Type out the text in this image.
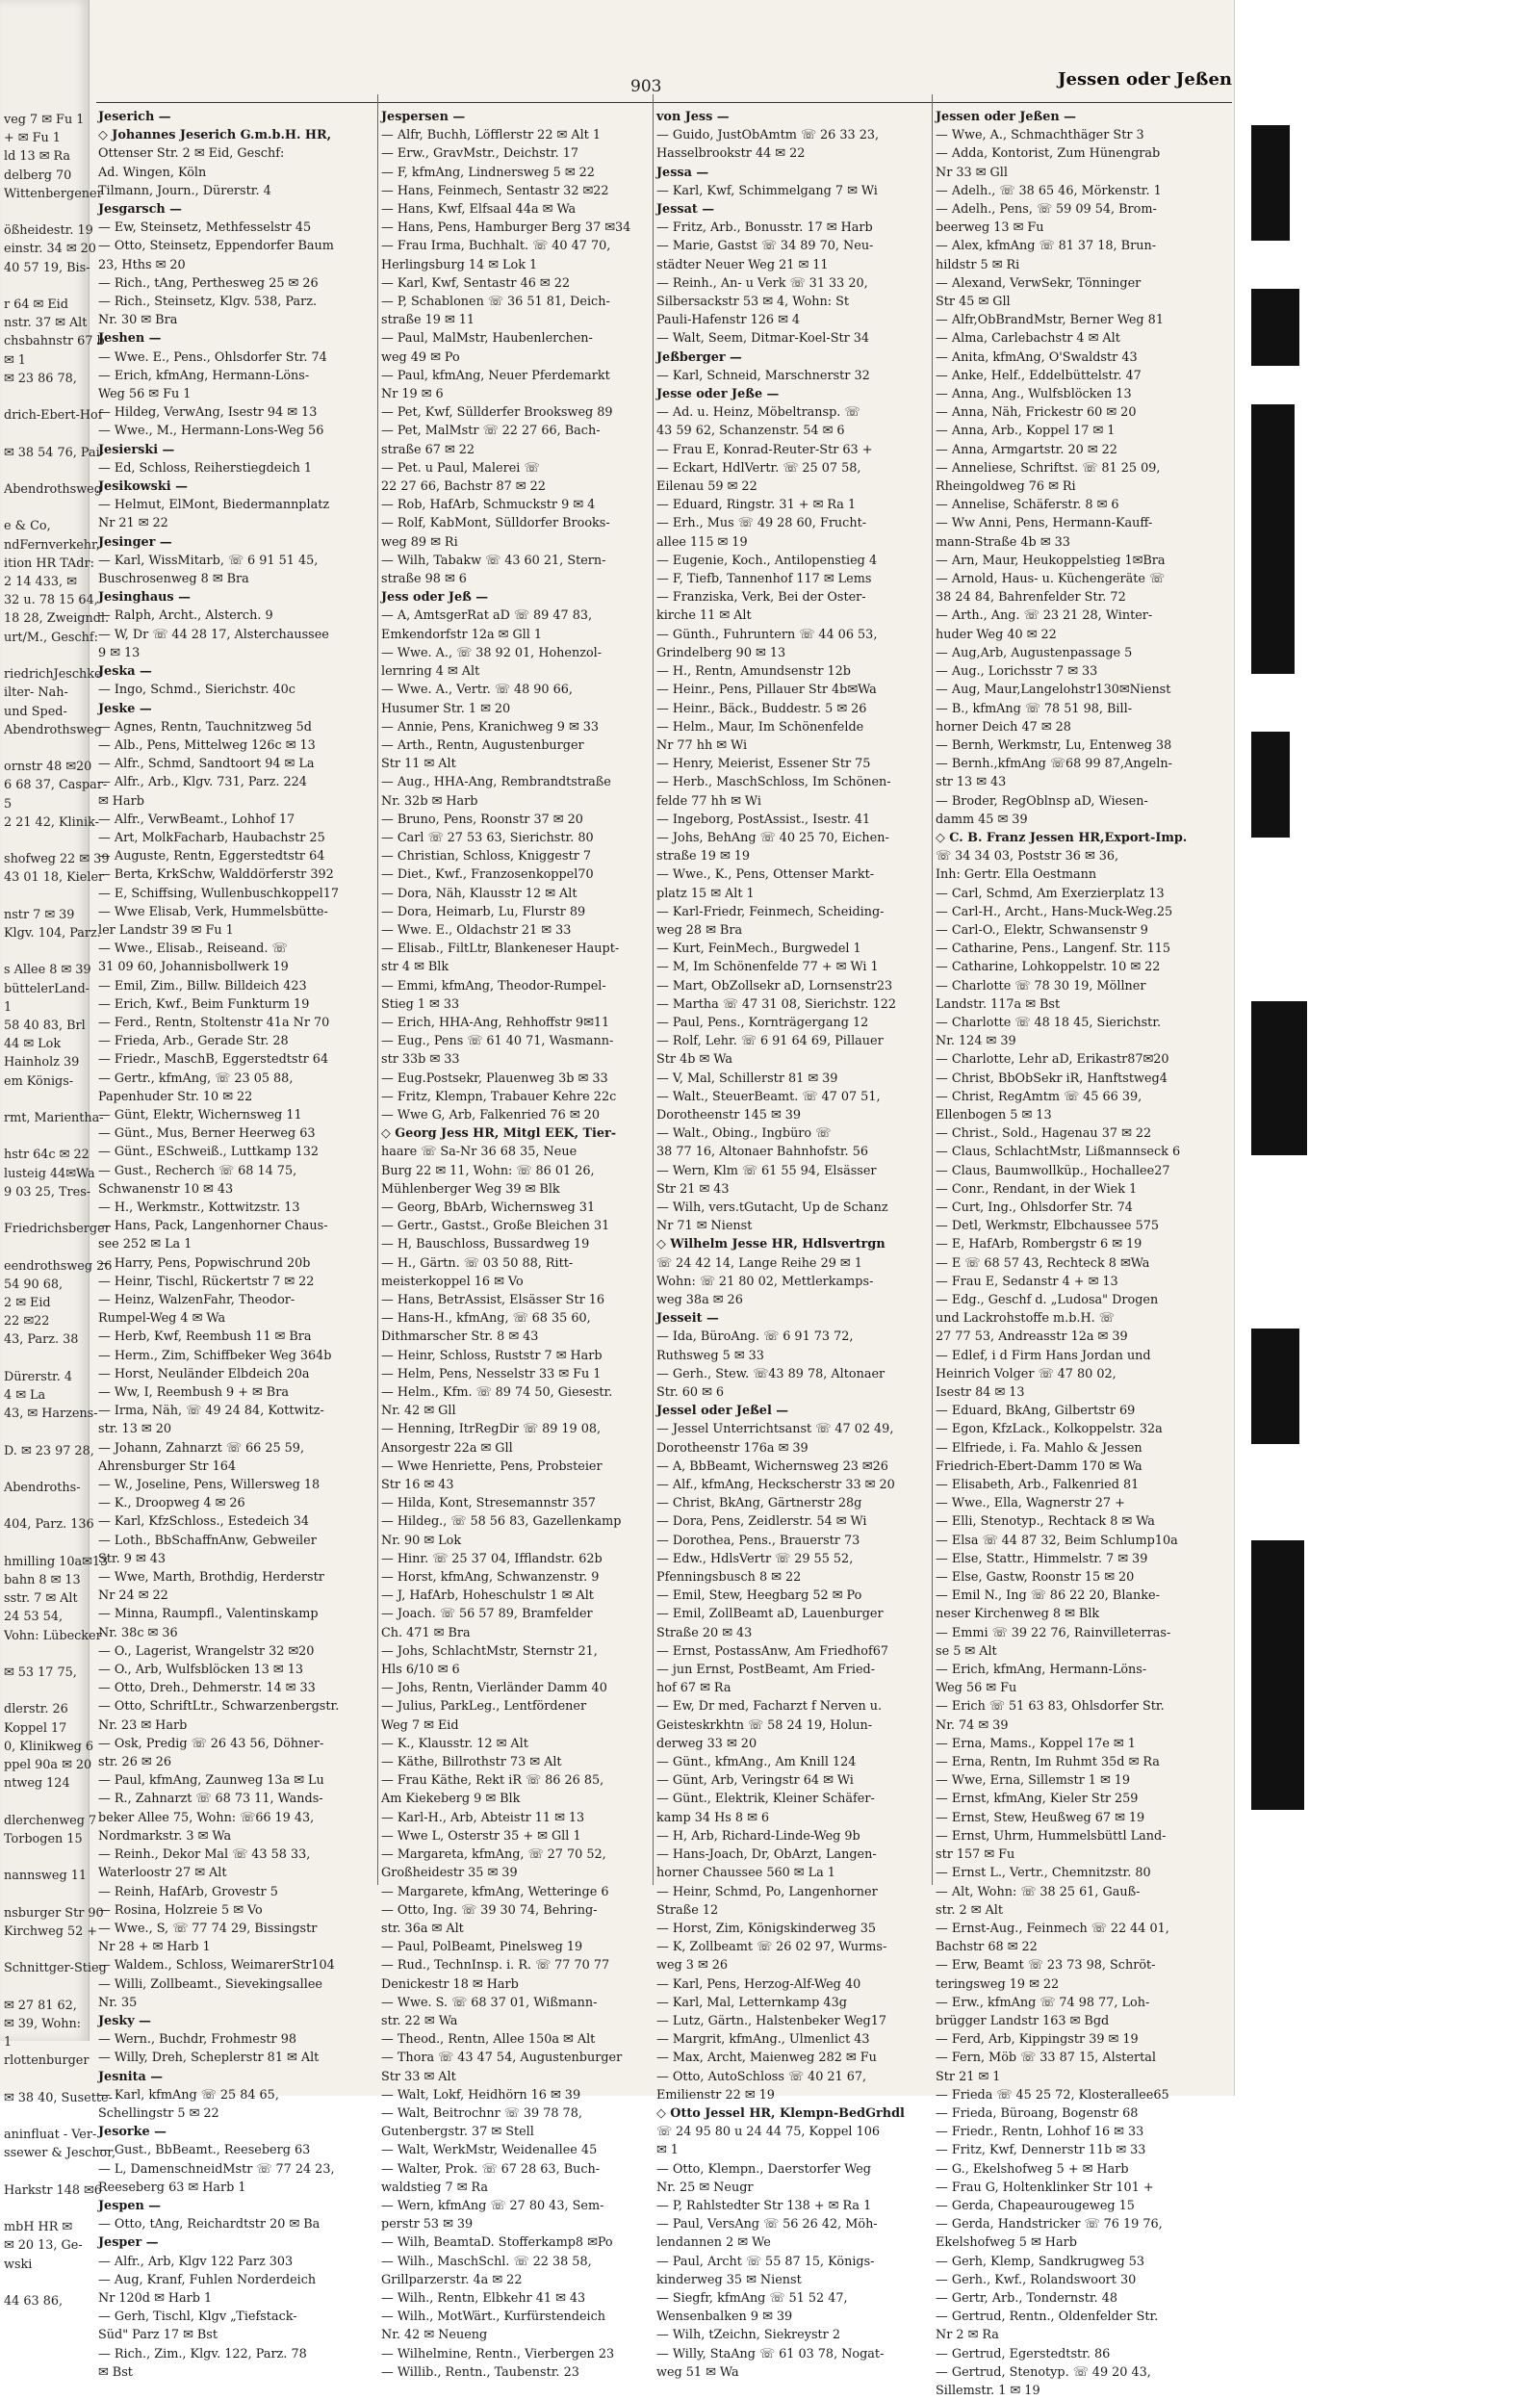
veg 7 ✉ Fu 1
+ ✉ Fu 1
ld 13 ✉ Ra
delberg 70
Wittenbergener

ößheidestr. 19
einstr. 34 ✉ 20
40 57 19, Bis-

r 64 ✉ Eid
nstr. 37 ✉ Alt
chsbahnstr 67 b
✉ 1
✉ 23 86 78,

drich-Ebert-Hof

✉ 38 54 76, Pai-

Abendrothsweg

e & Co,
ndFernverkehr,
ition HR TAdr:
2 14 433, ✉
32 u. 78 15 64,
18 28, Zweigndl.
urt/M., Geschf:

riedrichJeschke
ilter- Nah-
und Sped-
Abendrothsweg

ornstr 48 ✉20
6 68 37, Caspar-
5
2 21 42, Klinik-

shofweg 22 ✉ 39
43 01 18, Kieler

nstr 7 ✉ 39
Klgv. 104, Parz.

s Allee 8 ✉ 39
büttelerLand-
1
58 40 83, Brl
44 ✉ Lok
Hainholz 39
em Königs-

rmt, Marientha-

hstr 64c ✉ 22
lusteig 44✉Wa
9 03 25, Tres-

Friedrichsberger

eendrothsweg 26
54 90 68,
2 ✉ Eid
22 ✉22
43, Parz. 38

Dürerstr. 4
4 ✉ La
43, ✉ Harzens-

D. ✉ 23 97 28,

Abendroths-

404, Parz. 136

hmilling 10a✉13
bahn 8 ✉ 13
sstr. 7 ✉ Alt
24 53 54,
Vohn: Lübecker

✉ 53 17 75,

dlerstr. 26
Koppel 17
0, Klinikweg 6
ppel 90a ✉ 20
ntweg 124

dlerchenweg 7
Torbogen 15

nannsweg 11

nsburger Str 90
Kirchweg 52 +

Schnittger-Stieg

✉ 27 81 62,
✉ 39, Wohn:
1
rlottenburger

✉ 38 40, Susette-

aninfluat - Ver-
ssewer & Jeschor,

Harkstr 148 ✉6

mbH HR ✉
✉ 20 13, Ge-
wski

44 63 86,
903	Jessen oder Jeßen
Jeserich —
◇ Johannes Jeserich G.m.b.H. HR,
Ottenser Str. 2 ✉ Eid, Geschf:
Ad. Wingen, Köln
Tilmann, Journ., Dürerstr. 4
Jesgarsch —
— Ew, Steinsetz, Methfesselstr 45
— Otto, Steinsetz, Eppendorfer Baum
23, Hths ✉ 20
— Rich., tAng, Perthesweg 25 ✉ 26
— Rich., Steinsetz, Klgv. 538, Parz.
Nr. 30 ✉ Bra
Jeshen —
— Wwe. E., Pens., Ohlsdorfer Str. 74
— Erich, kfmAng, Hermann-Löns-
Weg 56 ✉ Fu 1
— Hildeg, VerwAng, Isestr 94 ✉ 13
— Wwe., M., Hermann-Lons-Weg 56
Jesierski —
— Ed, Schloss, Reiherstiegdeich 1
Jesikowski —
— Helmut, ElMont, Biedermannplatz
Nr 21 ✉ 22
Jesinger —
— Karl, WissMitarb, ☏ 6 91 51 45,
Buschrosenweg 8 ✉ Bra
Jesinghaus —
— Ralph, Archt., Alsterch. 9
— W, Dr ☏ 44 28 17, Alsterchaussee
9 ✉ 13
Jeska —
— Ingo, Schmd., Sierichstr. 40c
Jeske —
— Agnes, Rentn, Tauchnitzweg 5d
— Alb., Pens, Mittelweg 126c ✉ 13
— Alfr., Schmd, Sandtoort 94 ✉ La
— Alfr., Arb., Klgv. 731, Parz. 224
✉ Harb
— Alfr., VerwBeamt., Lohhof 17
— Art, MolkFacharb, Haubachstr 25
— Auguste, Rentn, Eggerstedtstr 64
— Berta, KrkSchw, Walddörferstr 392
— E, Schiffsing, Wullenbuschkoppel17
— Wwe Elisab, Verk, Hummelsbütte-
ler Landstr 39 ✉ Fu 1
— Wwe., Elisab., Reiseand. ☏
31 09 60, Johannisbollwerk 19
— Emil, Zim., Billw. Billdeich 423
— Erich, Kwf., Beim Funkturm 19
— Ferd., Rentn, Stoltenstr 41a Nr 70
— Frieda, Arb., Gerade Str. 28
— Friedr., MaschB, Eggerstedtstr 64
— Gertr., kfmAng, ☏ 23 05 88,
Papenhuder Str. 10 ✉ 22
— Günt, Elektr, Wichernsweg 11
— Günt., Mus, Berner Heerweg 63
— Günt., ESchweiß., Luttkamp 132
— Gust., Recherch ☏ 68 14 75,
Schwanenstr 10 ✉ 43
— H., Werkmstr., Kottwitzstr. 13
— Hans, Pack, Langenhorner Chaus-
see 252 ✉ La 1
— Harry, Pens, Popwischrund 20b
— Heinr, Tischl, Rückertstr 7 ✉ 22
— Heinz, WalzenFahr, Theodor-
Rumpel-Weg 4 ✉ Wa
— Herb, Kwf, Reembush 11 ✉ Bra
— Herm., Zim, Schiffbeker Weg 364b
— Horst, Neuländer Elbdeich 20a
— Ww, I, Reembush 9 + ✉ Bra
— Irma, Näh, ☏ 49 24 84, Kottwitz-
str. 13 ✉ 20
— Johann, Zahnarzt ☏ 66 25 59,
Ahrensburger Str 164
— W., Joseline, Pens, Willersweg 18
— K., Droopweg 4 ✉ 26
— Karl, KfzSchloss., Estedeich 34
— Loth., BbSchaffnAnw, Gebweiler
Str. 9 ✉ 43
— Wwe, Marth, Brothdig, Herderstr
Nr 24 ✉ 22
— Minna, Raumpfl., Valentinskamp
Nr. 38c ✉ 36
— O., Lagerist, Wrangelstr 32 ✉20
— O., Arb, Wulfsblöcken 13 ✉ 13
— Otto, Dreh., Dehmerstr. 14 ✉ 33
— Otto, SchriftLtr., Schwarzenbergstr.
Nr. 23 ✉ Harb
— Osk, Predig ☏ 26 43 56, Döhner-
str. 26 ✉ 26
— Paul, kfmAng, Zaunweg 13a ✉ Lu
— R., Zahnarzt ☏ 68 73 11, Wands-
beker Allee 75, Wohn: ☏66 19 43,
Nordmarkstr. 3 ✉ Wa
— Reinh., Dekor Mal ☏ 43 58 33,
Waterloostr 27 ✉ Alt
— Reinh, HafArb, Grovestr 5
— Rosina, Holzreie 5 ✉ Vo
— Wwe., S, ☏ 77 74 29, Bissingstr
Nr 28 + ✉ Harb 1
— Waldem., Schloss, WeimarerStr104
— Willi, Zollbeamt., Sievekingsallee
Nr. 35
Jesky —
— Wern., Buchdr, Frohmestr 98
— Willy, Dreh, Scheplerstr 81 ✉ Alt
Jesnita —
— Karl, kfmAng ☏ 25 84 65,
Schellingstr 5 ✉ 22
Jesorke —
— Gust., BbBeamt., Reeseberg 63
— L, DamenschneidMstr ☏ 77 24 23,
Reeseberg 63 ✉ Harb 1
Jespen —
— Otto, tAng, Reichardtstr 20 ✉ Ba
Jesper —
— Alfr., Arb, Klgv 122 Parz 303
— Aug, Kranf, Fuhlen Norderdeich
Nr 120d ✉ Harb 1
— Gerh, Tischl, Klgv „Tiefstack-
Süd" Parz 17 ✉ Bst
— Rich., Zim., Klgv. 122, Parz. 78
✉ Bst
Jespersen —
— Alfr, Buchh, Löfflerstr 22 ✉ Alt 1
— Erw., GravMstr., Deichstr. 17
— F, kfmAng, Lindnersweg 5 ✉ 22
— Hans, Feinmech, Sentastr 32 ✉22
— Hans, Kwf, Elfsaal 44a ✉ Wa
— Hans, Pens, Hamburger Berg 37 ✉34
— Frau Irma, Buchhalt. ☏ 40 47 70,
Herlingsburg 14 ✉ Lok 1
— Karl, Kwf, Sentastr 46 ✉ 22
— P, Schablonen ☏ 36 51 81, Deich-
straße 19 ✉ 11
— Paul, MalMstr, Haubenlerchen-
weg 49 ✉ Po
— Paul, kfmAng, Neuer Pferdemarkt
Nr 19 ✉ 6
— Pet, Kwf, Süllderfer Brooksweg 89
— Pet, MalMstr ☏ 22 27 66, Bach-
straße 67 ✉ 22
— Pet. u Paul, Malerei ☏
22 27 66, Bachstr 87 ✉ 22
— Rob, HafArb, Schmuckstr 9 ✉ 4
— Rolf, KabMont, Sülldorfer Brooks-
weg 89 ✉ Ri
— Wilh, Tabakw ☏ 43 60 21, Stern-
straße 98 ✉ 6
Jess oder Jeß —
— A, AmtsgerRat aD ☏ 89 47 83,
Emkendorfstr 12a ✉ Gll 1
— Wwe. A., ☏ 38 92 01, Hohenzol-
lernring 4 ✉ Alt
— Wwe. A., Vertr. ☏ 48 90 66,
Husumer Str. 1 ✉ 20
— Annie, Pens, Kranichweg 9 ✉ 33
— Arth., Rentn, Augustenburger
Str 11 ✉ Alt
— Aug., HHA-Ang, Rembrandtstraße
Nr. 32b ✉ Harb
— Bruno, Pens, Roonstr 37 ✉ 20
— Carl ☏ 27 53 63, Sierichstr. 80
— Christian, Schloss, Kniggestr 7
— Diet., Kwf., Franzosenkoppel70
— Dora, Näh, Klausstr 12 ✉ Alt
— Dora, Heimarb, Lu, Flurstr 89
— Wwe. E., Oldachstr 21 ✉ 33
— Elisab., FiltLtr, Blankeneser Haupt-
str 4 ✉ Blk
— Emmi, kfmAng, Theodor-Rumpel-
Stieg 1 ✉ 33
— Erich, HHA-Ang, Rehhoffstr 9✉11
— Eug., Pens ☏ 61 40 71, Wasmann-
str 33b ✉ 33
— Eug.Postsekr, Plauenweg 3b ✉ 33
— Fritz, Klempn, Trabauer Kehre 22c
— Wwe G, Arb, Falkenried 76 ✉ 20
◇ Georg Jess HR, Mitgl EEK, Tier-
haare ☏ Sa-Nr 36 68 35, Neue
Burg 22 ✉ 11, Wohn: ☏ 86 01 26,
Mühlenberger Weg 39 ✉ Blk
— Georg, BbArb, Wichernsweg 31
— Gertr., Gastst., Große Bleichen 31
— H, Bauschloss, Bussardweg 19
— H., Gärtn. ☏ 03 50 88, Ritt-
meisterkoppel 16 ✉ Vo
— Hans, BetrAssist, Elsässer Str 16
— Hans-H., kfmAng, ☏ 68 35 60,
Dithmarscher Str. 8 ✉ 43
— Heinr, Schloss, Ruststr 7 ✉ Harb
— Helm, Pens, Nesselstr 33 ✉ Fu 1
— Helm., Kfm. ☏ 89 74 50, Giesestr.
Nr. 42 ✉ Gll
— Henning, ItrRegDir ☏ 89 19 08,
Ansorgestr 22a ✉ Gll
— Wwe Henriette, Pens, Probsteier
Str 16 ✉ 43
— Hilda, Kont, Stresemannstr 357
— Hildeg., ☏ 58 56 83, Gazellenkamp
Nr. 90 ✉ Lok
— Hinr. ☏ 25 37 04, Ifflandstr. 62b
— Horst, kfmAng, Schwanzenstr. 9
— J, HafArb, Hoheschulstr 1 ✉ Alt
— Joach. ☏ 56 57 89, Bramfelder
Ch. 471 ✉ Bra
— Johs, SchlachtMstr, Sternstr 21,
Hls 6/10 ✉ 6
— Johs, Rentn, Vierländer Damm 40
— Julius, ParkLeg., Lentfördener
Weg 7 ✉ Eid
— K., Klausstr. 12 ✉ Alt
— Käthe, Billrothstr 73 ✉ Alt
— Frau Käthe, Rekt iR ☏ 86 26 85,
Am Kiekeberg 9 ✉ Blk
— Karl-H., Arb, Abteistr 11 ✉ 13
— Wwe L, Osterstr 35 + ✉ Gll 1
— Margareta, kfmAng, ☏ 27 70 52,
Großheidestr 35 ✉ 39
— Margarete, kfmAng, Wetteringe 6
— Otto, Ing. ☏ 39 30 74, Behring-
str. 36a ✉ Alt
— Paul, PolBeamt, Pinelsweg 19
— Rud., TechnInsp. i. R. ☏ 77 70 77
Denickestr 18 ✉ Harb
— Wwe. S. ☏ 68 37 01, Wißmann-
str. 22 ✉ Wa
— Theod., Rentn, Allee 150a ✉ Alt
— Thora ☏ 43 47 54, Augustenburger
Str 33 ✉ Alt
— Walt, Lokf, Heidhörn 16 ✉ 39
— Walt, Beitrochnr ☏ 39 78 78,
Gutenbergstr. 37 ✉ Stell
— Walt, WerkMstr, Weidenallee 45
— Walter, Prok. ☏ 67 28 63, Buch-
waldstieg 7 ✉ Ra
— Wern, kfmAng ☏ 27 80 43, Sem-
perstr 53 ✉ 39
— Wilh, BeamtaD. Stofferkamp8 ✉Po
— Wilh., MaschSchl. ☏ 22 38 58,
Grillparzerstr. 4a ✉ 22
— Wilh., Rentn, Elbkehr 41 ✉ 43
— Wilh., MotWärt., Kurfürstendeich
Nr. 42 ✉ Neueng
— Wilhelmine, Rentn., Vierbergen 23
— Willib., Rentn., Taubenstr. 23
von Jess —
— Guido, JustObAmtm ☏ 26 33 23,
Hasselbrookstr 44 ✉ 22
Jessa —
— Karl, Kwf, Schimmelgang 7 ✉ Wi
Jessat —
— Fritz, Arb., Bonusstr. 17 ✉ Harb
— Marie, Gastst ☏ 34 89 70, Neu-
städter Neuer Weg 21 ✉ 11
— Reinh., An- u Verk ☏ 31 33 20,
Silbersackstr 53 ✉ 4, Wohn: St
Pauli-Hafenstr 126 ✉ 4
— Walt, Seem, Ditmar-Koel-Str 34
Jeßberger —
— Karl, Schneid, Marschnerstr 32
Jesse oder Jeße —
— Ad. u. Heinz, Möbeltransp. ☏
43 59 62, Schanzenstr. 54 ✉ 6
— Frau E, Konrad-Reuter-Str 63 +
— Eckart, HdlVertr. ☏ 25 07 58,
Eilenau 59 ✉ 22
— Eduard, Ringstr. 31 + ✉ Ra 1
— Erh., Mus ☏ 49 28 60, Frucht-
allee 115 ✉ 19
— Eugenie, Koch., Antilopenstieg 4
— F, Tiefb, Tannenhof 117 ✉ Lems
— Franziska, Verk, Bei der Oster-
kirche 11 ✉ Alt
— Günth., Fuhruntern ☏ 44 06 53,
Grindelberg 90 ✉ 13
— H., Rentn, Amundsenstr 12b
— Heinr., Pens, Pillauer Str 4b✉Wa
— Heinr., Bäck., Buddestr. 5 ✉ 26
— Helm., Maur, Im Schönenfelde
Nr 77 hh ✉ Wi
— Henry, Meierist, Essener Str 75
— Herb., MaschSchloss, Im Schönen-
felde 77 hh ✉ Wi
— Ingeborg, PostAssist., Isestr. 41
— Johs, BehAng ☏ 40 25 70, Eichen-
straße 19 ✉ 19
— Wwe., K., Pens, Ottenser Markt-
platz 15 ✉ Alt 1
— Karl-Friedr, Feinmech, Scheiding-
weg 28 ✉ Bra
— Kurt, FeinMech., Burgwedel 1
— M, Im Schönenfelde 77 + ✉ Wi 1
— Mart, ObZollsekr aD, Lornsenstr23
— Martha ☏ 47 31 08, Sierichstr. 122
— Paul, Pens., Kornträgergang 12
— Rolf, Lehr. ☏ 6 91 64 69, Pillauer
Str 4b ✉ Wa
— V, Mal, Schillerstr 81 ✉ 39
— Walt., SteuerBeamt. ☏ 47 07 51,
Dorotheenstr 145 ✉ 39
— Walt., Obing., Ingbüro ☏
38 77 16, Altonaer Bahnhofstr. 56
— Wern, Klm ☏ 61 55 94, Elsässer
Str 21 ✉ 43
— Wilh, vers.tGutacht, Up de Schanz
Nr 71 ✉ Nienst
◇ Wilhelm Jesse HR, Hdlsvertrgn
☏ 24 42 14, Lange Reihe 29 ✉ 1
Wohn: ☏ 21 80 02, Mettlerkamps-
weg 38a ✉ 26
Jesseit —
— Ida, BüroAng. ☏ 6 91 73 72,
Ruthsweg 5 ✉ 33
— Gerh., Stew. ☏43 89 78, Altonaer
Str. 60 ✉ 6
Jessel oder Jeßel —
— Jessel Unterrichtsanst ☏ 47 02 49,
Dorotheenstr 176a ✉ 39
— A, BbBeamt, Wichernsweg 23 ✉26
— Alf., kfmAng, Heckscherstr 33 ✉ 20
— Christ, BkAng, Gärtnerstr 28g
— Dora, Pens, Zeidlerstr. 54 ✉ Wi
— Dorothea, Pens., Brauerstr 73
— Edw., HdlsVertr ☏ 29 55 52,
Pfenningsbusch 8 ✉ 22
— Emil, Stew, Heegbarg 52 ✉ Po
— Emil, ZollBeamt aD, Lauenburger
Straße 20 ✉ 43
— Ernst, PostassAnw, Am Friedhof67
— jun Ernst, PostBeamt, Am Fried-
hof 67 ✉ Ra
— Ew, Dr med, Facharzt f Nerven u.
Geisteskrkhtn ☏ 58 24 19, Holun-
derweg 33 ✉ 20
— Günt., kfmAng., Am Knill 124
— Günt, Arb, Veringstr 64 ✉ Wi
— Günt., Elektrik, Kleiner Schäfer-
kamp 34 Hs 8 ✉ 6
— H, Arb, Richard-Linde-Weg 9b
— Hans-Joach, Dr, ObArzt, Langen-
horner Chaussee 560 ✉ La 1
— Heinr, Schmd, Po, Langenhorner
Straße 12
— Horst, Zim, Königskinderweg 35
— K, Zollbeamt ☏ 26 02 97, Wurms-
weg 3 ✉ 26
— Karl, Pens, Herzog-Alf-Weg 40
— Karl, Mal, Letternkamp 43g
— Lutz, Gärtn., Halstenbeker Weg17
— Margrit, kfmAng., Ulmenlict 43
— Max, Archt, Maienweg 282 ✉ Fu
— Otto, AutoSchloss ☏ 40 21 67,
Emilienstr 22 ✉ 19
◇ Otto Jessel HR, Klempn-BedGrhdl
☏ 24 95 80 u 24 44 75, Koppel 106
✉ 1
— Otto, Klempn., Daerstorfer Weg
Nr. 25 ✉ Neugr
— P, Rahlstedter Str 138 + ✉ Ra 1
— Paul, VersAng ☏ 56 26 42, Möh-
lendannen 2 ✉ We
— Paul, Archt ☏ 55 87 15, Königs-
kinderweg 35 ✉ Nienst
— Siegfr, kfmAng ☏ 51 52 47,
Wensenbalken 9 ✉ 39
— Wilh, tZeichn, Siekreystr 2
— Willy, StaAng ☏ 61 03 78, Nogat-
weg 51 ✉ Wa
Jessen oder Jeßen —
— Wwe, A., Schmachthäger Str 3
— Adda, Kontorist, Zum Hünengrab
Nr 33 ✉ Gll
— Adelh., ☏ 38 65 46, Mörkenstr. 1
— Adelh., Pens, ☏ 59 09 54, Brom-
beerweg 13 ✉ Fu
— Alex, kfmAng ☏ 81 37 18, Brun-
hildstr 5 ✉ Ri
— Alexand, VerwSekr, Tönninger
Str 45 ✉ Gll
— Alfr,ObBrandMstr, Berner Weg 81
— Alma, Carlebachstr 4 ✉ Alt
— Anita, kfmAng, O'Swaldstr 43
— Anke, Helf., Eddelbüttelstr. 47
— Anna, Ang., Wulfsblöcken 13
— Anna, Näh, Frickestr 60 ✉ 20
— Anna, Arb., Koppel 17 ✉ 1
— Anna, Armgartstr. 20 ✉ 22
— Anneliese, Schriftst. ☏ 81 25 09,
Rheingoldweg 76 ✉ Ri
— Annelise, Schäferstr. 8 ✉ 6
— Ww Anni, Pens, Hermann-Kauff-
mann-Straße 4b ✉ 33
— Arn, Maur, Heukoppelstieg 1✉Bra
— Arnold, Haus- u. Küchengeräte ☏
38 24 84, Bahrenfelder Str. 72
— Arth., Ang. ☏ 23 21 28, Winter-
huder Weg 40 ✉ 22
— Aug,Arb, Augustenpassage 5
— Aug., Lorichsstr 7 ✉ 33
— Aug, Maur,Langelohstr130✉Nienst
— B., kfmAng ☏ 78 51 98, Bill-
horner Deich 47 ✉ 28
— Bernh, Werkmstr, Lu, Entenweg 38
— Bernh.,kfmAng ☏68 99 87,Angeln-
str 13 ✉ 43
— Broder, RegOblnsp aD, Wiesen-
damm 45 ✉ 39
◇ C. B. Franz Jessen HR,Export-Imp.
☏ 34 34 03, Poststr 36 ✉ 36,
Inh: Gertr. Ella Oestmann
— Carl, Schmd, Am Exerzierplatz 13
— Carl-H., Archt., Hans-Muck-Weg.25
— Carl-O., Elektr, Schwansenstr 9
— Catharine, Pens., Langenf. Str. 115
— Catharine, Lohkoppelstr. 10 ✉ 22
— Charlotte ☏ 78 30 19, Möllner
Landstr. 117a ✉ Bst
— Charlotte ☏ 48 18 45, Sierichstr.
Nr. 124 ✉ 39
— Charlotte, Lehr aD, Erikastr87✉20
— Christ, BbObSekr iR, Hanftstweg4
— Christ, RegAmtm ☏ 45 66 39,
Ellenbogen 5 ✉ 13
— Christ., Sold., Hagenau 37 ✉ 22
— Claus, SchlachtMstr, Lißmannseck 6
— Claus, Baumwollküp., Hochallee27
— Conr., Rendant, in der Wiek 1
— Curt, Ing., Ohlsdorfer Str. 74
— Detl, Werkmstr, Elbchaussee 575
— E, HafArb, Rombergstr 6 ✉ 19
— E ☏ 68 57 43, Rechteck 8 ✉Wa
— Frau E, Sedanstr 4 + ✉ 13
— Edg., Geschf d. „Ludosa" Drogen
und Lackrohstoffe m.b.H. ☏
27 77 53, Andreasstr 12a ✉ 39
— Edlef, i d Firm Hans Jordan und
Heinrich Volger ☏ 47 80 02,
Isestr 84 ✉ 13
— Eduard, BkAng, Gilbertstr 69
— Egon, KfzLack., Kolkoppelstr. 32a
— Elfriede, i. Fa. Mahlo & Jessen
Friedrich-Ebert-Damm 170 ✉ Wa
— Elisabeth, Arb., Falkenried 81
— Wwe., Ella, Wagnerstr 27 +
— Elli, Stenotyp., Rechtack 8 ✉ Wa
— Elsa ☏ 44 87 32, Beim Schlump10a
— Else, Stattr., Himmelstr. 7 ✉ 39
— Else, Gastw, Roonstr 15 ✉ 20
— Emil N., Ing ☏ 86 22 20, Blanke-
neser Kirchenweg 8 ✉ Blk
— Emmi ☏ 39 22 76, Rainvilleterras-
se 5 ✉ Alt
— Erich, kfmAng, Hermann-Löns-
Weg 56 ✉ Fu
— Erich ☏ 51 63 83, Ohlsdorfer Str.
Nr. 74 ✉ 39
— Erna, Mams., Koppel 17e ✉ 1
— Erna, Rentn, Im Ruhmt 35d ✉ Ra
— Wwe, Erna, Sillemstr 1 ✉ 19
— Ernst, kfmAng, Kieler Str 259
— Ernst, Stew, Heußweg 67 ✉ 19
— Ernst, Uhrm, Hummelsbüttl Land-
str 157 ✉ Fu
— Ernst L., Vertr., Chemnitzstr. 80
— Alt, Wohn: ☏ 38 25 61, Gauß-
str. 2 ✉ Alt
— Ernst-Aug., Feinmech ☏ 22 44 01,
Bachstr 68 ✉ 22
— Erw, Beamt ☏ 23 73 98, Schröt-
teringsweg 19 ✉ 22
— Erw., kfmAng ☏ 74 98 77, Loh-
brügger Landstr 163 ✉ Bgd
— Ferd, Arb, Kippingstr 39 ✉ 19
— Fern, Möb ☏ 33 87 15, Alstertal
Str 21 ✉ 1
— Frieda ☏ 45 25 72, Klosterallee65
— Frieda, Büroang, Bogenstr 68
— Friedr., Rentn, Lohhof 16 ✉ 33
— Fritz, Kwf, Dennerstr 11b ✉ 33
— G., Ekelshofweg 5 + ✉ Harb
— Frau G, Holtenklinker Str 101 +
— Gerda, Chapeaurougeweg 15
— Gerda, Handstricker ☏ 76 19 76,
Ekelshofweg 5 ✉ Harb
— Gerh, Klemp, Sandkrugweg 53
— Gerh., Kwf., Rolandswoort 30
— Gertr, Arb., Tondernstr. 48
— Gertrud, Rentn., Oldenfelder Str.
Nr 2 ✉ Ra
— Gertrud, Egerstedtstr. 86
— Gertrud, Stenotyp. ☏ 49 20 43,
Sillemstr. 1 ✉ 19
